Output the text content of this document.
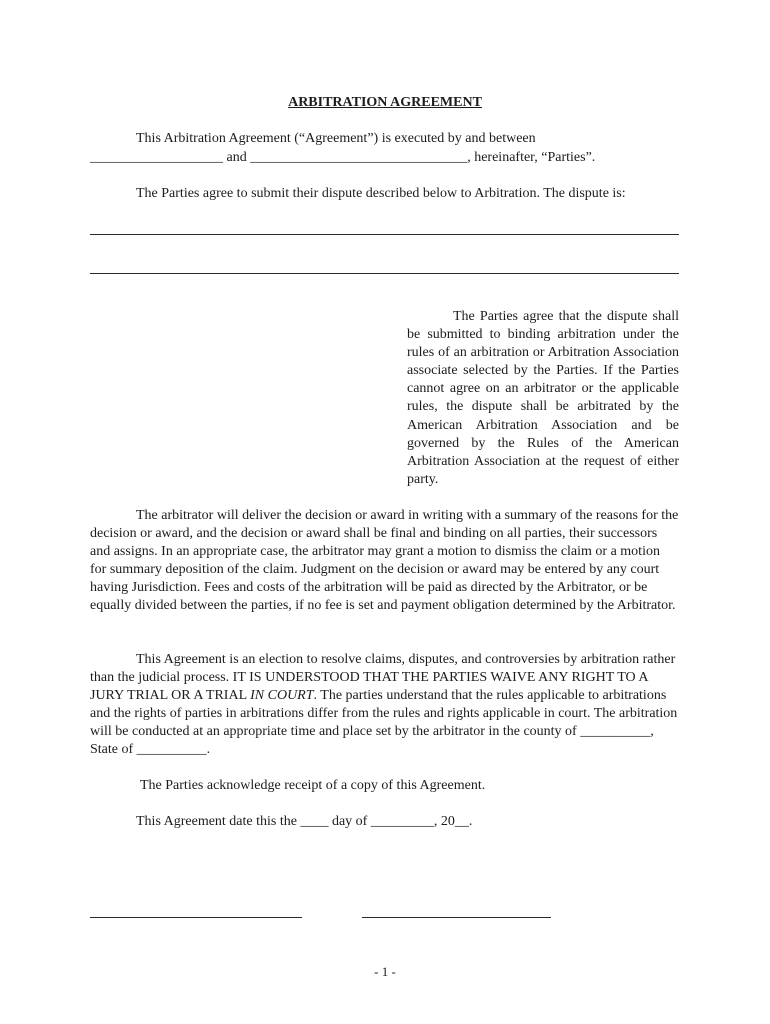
ARBITRATION AGREEMENT
This Arbitration Agreement (“Agreement”) is executed by and between
___________________ and _______________________________, hereinafter, “Parties”.
The Parties agree to submit their dispute described below to Arbitration. The dispute is:
The Parties agree that the dispute shall be submitted to binding arbitration under the rules of an arbitration or Arbitration Association associate selected by the Parties. If the Parties cannot agree on an arbitrator or the applicable rules, the dispute shall be arbitrated by the American Arbitration Association and be governed by the Rules of the American Arbitration Association at the request of either party.
The arbitrator will deliver the decision or award in writing with a summary of the reasons for the decision or award, and the decision or award shall be final and binding on all parties, their successors and assigns. In an appropriate case, the arbitrator may grant a motion to dismiss the claim or a motion for summary deposition of the claim. Judgment on the decision or award may be entered by any court having Jurisdiction. Fees and costs of the arbitration will be paid as directed by the Arbitrator, or be equally divided between the parties, if no fee is set and payment obligation determined by the Arbitrator.
This Agreement is an election to resolve claims, disputes, and controversies by arbitration rather than the judicial process. IT IS UNDERSTOOD THAT THE PARTIES WAIVE ANY RIGHT TO A JURY TRIAL OR A TRIAL IN COURT. The parties understand that the rules applicable to arbitrations and the rights of parties in arbitrations differ from the rules and rights applicable in court. The arbitration will be conducted at an appropriate time and place set by the arbitrator in the county of __________, State of __________.
The Parties acknowledge receipt of a copy of this Agreement.
This Agreement date this the ____ day of _________, 20__.
- 1 -
